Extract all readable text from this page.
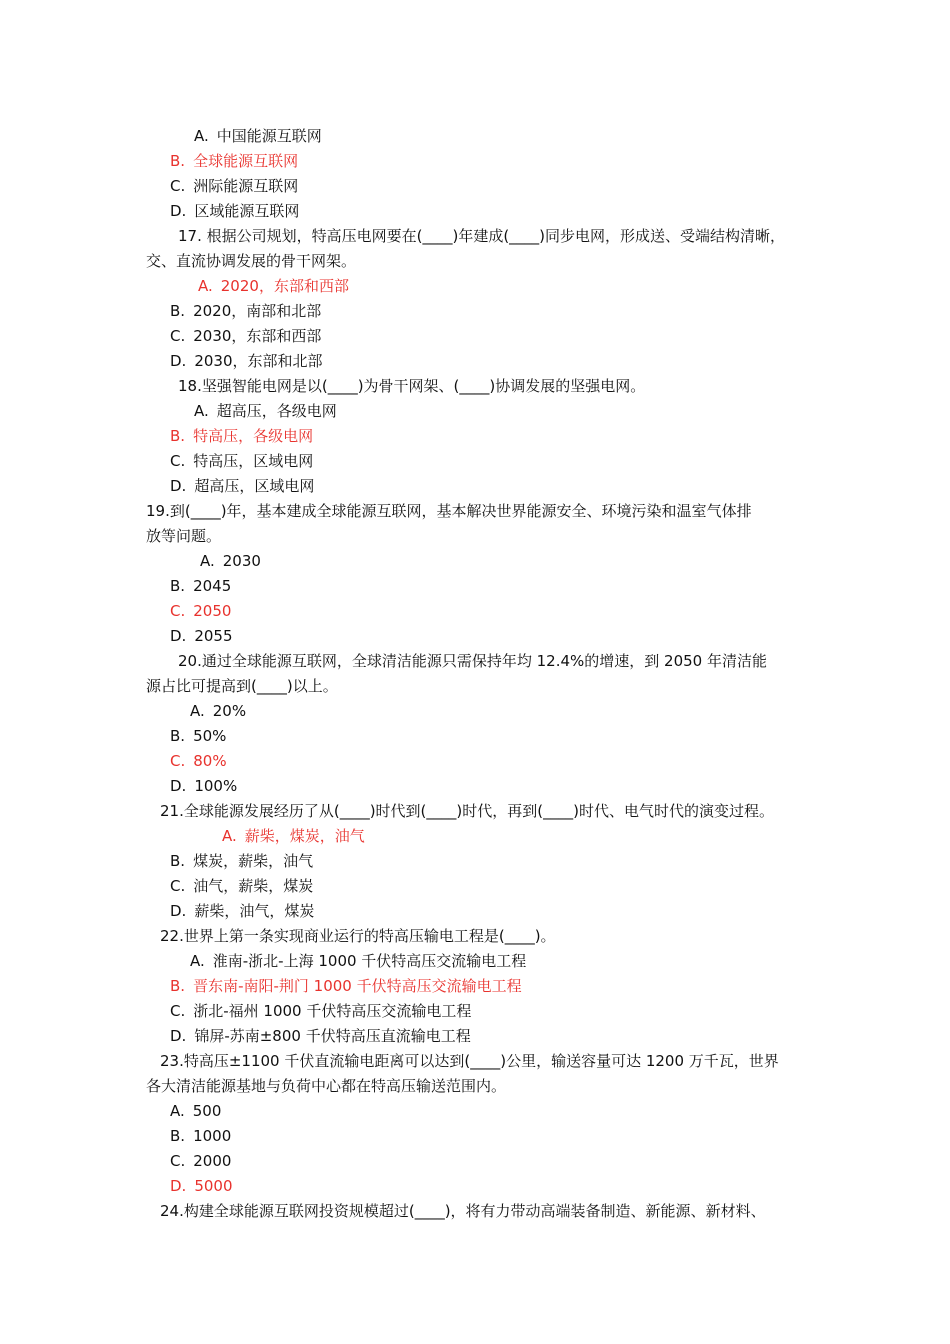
A. 中国能源互联网
B. 全球能源互联网
C. 洲际能源互联网
D. 区域能源互联网
17. 根据公司规划，特高压电网要在(____)年建成(____)同步电网，形成送、受端结构清晰，
交、直流协调发展的骨干网架。
A. 2020，东部和西部
B. 2020，南部和北部
C. 2030，东部和西部
D. 2030，东部和北部
18.坚强智能电网是以(____)为骨干网架、(____)协调发展的坚强电网。
A. 超高压，各级电网
B. 特高压，各级电网
C. 特高压，区域电网
D. 超高压，区域电网
19.到(____)年，基本建成全球能源互联网，基本解决世界能源安全、环境污染和温室气体排
放等问题。
A. 2030
B. 2045
C. 2050
D. 2055
20.通过全球能源互联网，全球清洁能源只需保持年均 12.4%的增速，到 2050 年清洁能
源占比可提高到(____)以上。
A. 20%
B. 50%
C. 80%
D. 100%
21.全球能源发展经历了从(____)时代到(____)时代，再到(____)时代、电气时代的演变过程。
A. 薪柴，煤炭，油气
B. 煤炭，薪柴，油气
C. 油气，薪柴，煤炭
D. 薪柴，油气，煤炭
22.世界上第一条实现商业运行的特高压输电工程是(____)。
A. 淮南-浙北-上海 1000 千伏特高压交流输电工程
B. 晋东南-南阳-荆门 1000 千伏特高压交流输电工程
C. 浙北-福州 1000 千伏特高压交流输电工程
D. 锦屏-苏南±800 千伏特高压直流输电工程
23.特高压±1100 千伏直流输电距离可以达到(____)公里，输送容量可达 1200 万千瓦，世界
各大清洁能源基地与负荷中心都在特高压输送范围内。
A. 500
B. 1000
C. 2000
D. 5000
24.构建全球能源互联网投资规模超过(____)，将有力带动高端装备制造、新能源、新材料、
